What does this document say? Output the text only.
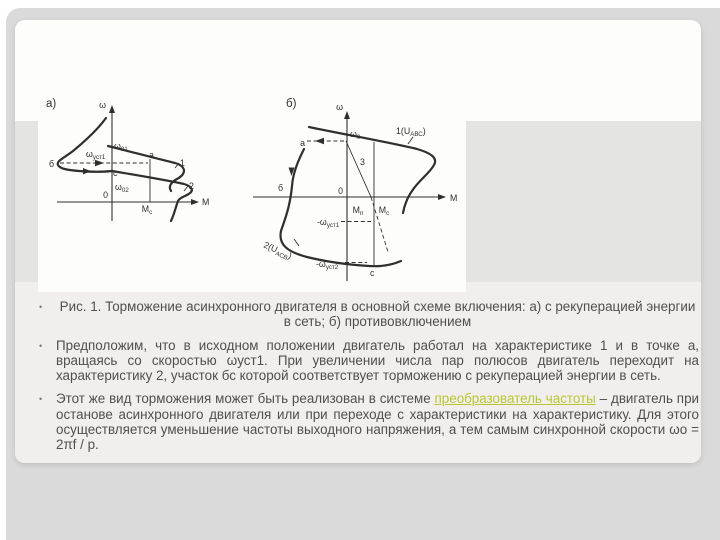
а)	ω
М
0
$\omega_{01}$
$\omega_{02}$
$\omega_{уст1}$
б
а
с
1
2
$М_с$
б)	ω
М
0
$\omega_0$
а
б
с
$1(U_{АВС})$
$2(U_{АСВ})$
3
$М_п$ $М_с$
$-\omega_{уст1}$
$-\omega_{уст2}$
•	Рис. 1. Торможение асинхронного двигателя в основной схеме включения: а) с рекуперацией энергии в сеть; б) противовключением

•	Предположим, что в исходном положении двигатель работал на характеристике 1 и в точке а, вращаясь со скоростью ωуст1. При увеличении числа пар полюсов двигатель переходит на характеристику 2, участок бс которой соответствует торможению с рекуперацией энергии в сеть.

•	Этот же вид торможения может быть реализован в системе преобразователь частоты – двигатель при останове асинхронного двигателя или при переходе с характеристики на характеристику. Для этого осуществляется уменьшение частоты выходного напряжения, а тем самым синхронной скорости ωо = 2πf / p.
